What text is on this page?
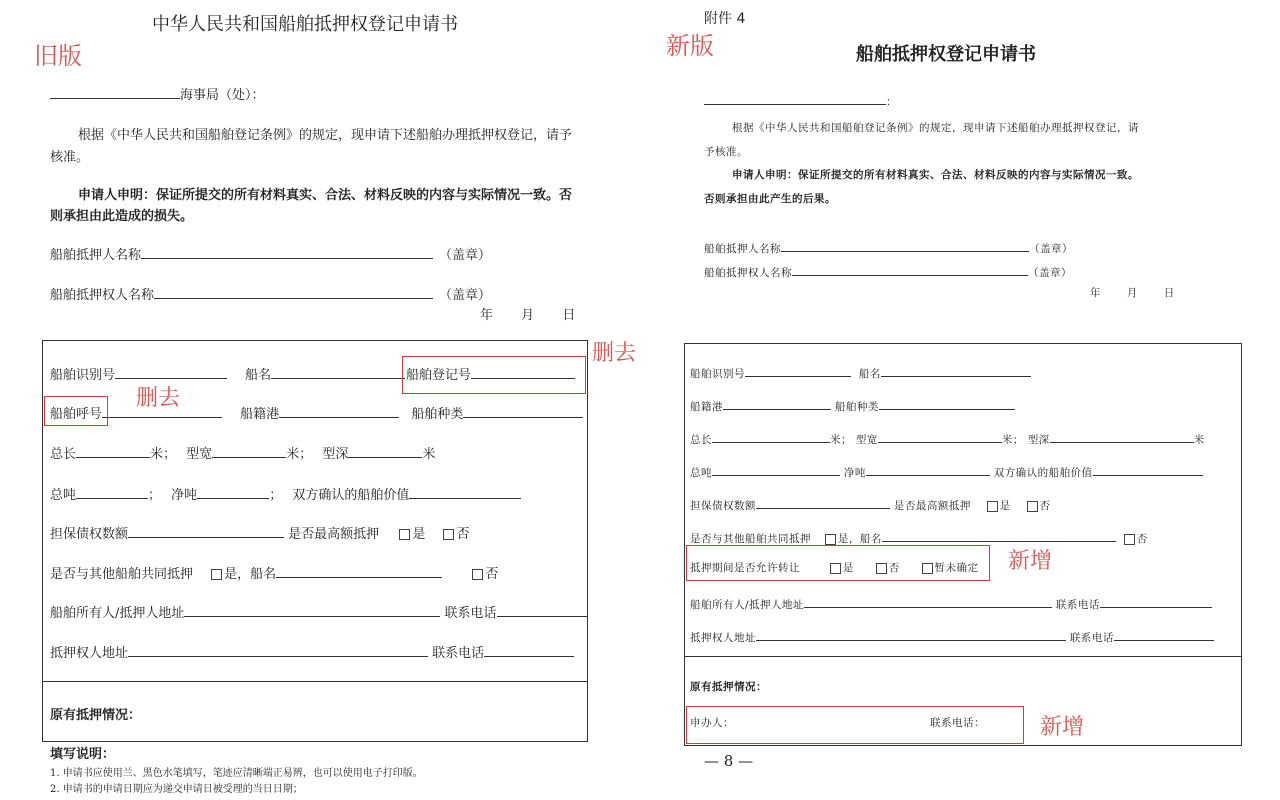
中华人民共和国船舶抵押权登记申请书
旧版
海事局（处）：
根据《中华人民共和国船舶登记条例》的规定，现申请下述船舶办理抵押权登记，请予
核准。
申请人申明：保证所提交的所有材料真实、合法、材料反映的内容与实际情况一致。否
则承担由此造成的损失。
船舶抵押人名称	（盖章）
船舶抵押权人名称	（盖章）
年 月 日
船舶识别号	船名	船舶登记号
删去
船舶呼号	船籍港	船舶种类
删去
总长	米； 型宽	米； 型深	米
总吨	； 净吨	； 双方确认的船舶价值
担保债权数额	是否最高额抵押	是 否
是否与其他船舶共同抵押 是，船名	否
船舶所有人/抵押人地址	联系电话
抵押权人地址	联系电话
原有抵押情况：
填写说明：
1. 申请书应使用兰、黑色水笔填写，笔迹应清晰端正易辨，也可以使用电子打印版。
2. 申请书的申请日期应为递交申请日被受理的当日日期；
附件 4
新版	船舶抵押权登记申请书
：
根据《中华人民共和国船舶登记条例》的规定，现申请下述船舶办理抵押权登记，请
予核准。
申请人申明：保证所提交的所有材料真实、合法、材料反映的内容与实际情况一致。
否则承担由此产生的后果。
船舶抵押人名称	（盖章）
船舶抵押权人名称	（盖章）
年 月 日
船舶识别号	船名
船籍港	船舶种类
总长	米； 型宽	米； 型深	米
总吨	净吨	双方确认的船舶价值
担保债权数额	是否最高额抵押	是	否
是否与其他船舶共同抵押	是，船名	否
抵押期间是否允许转让	是	否	暂未确定 新增
船舶所有人/抵押人地址	联系电话
抵押权人地址	联系电话
原有抵押情况：
申办人：	联系电话：	新增
— 8 —
